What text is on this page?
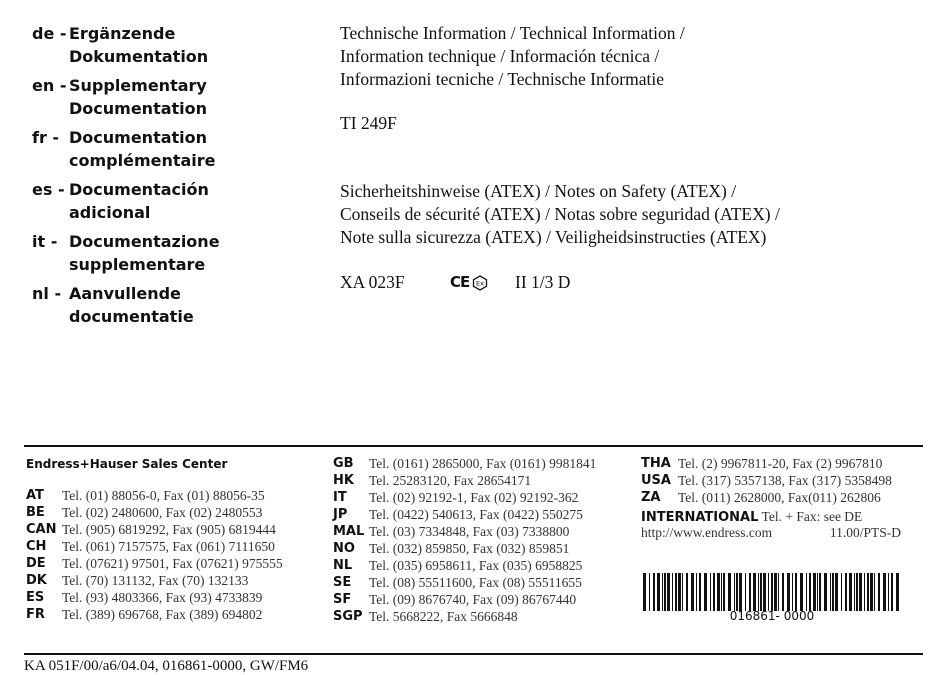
de - Ergänzende
Dokumentation
en - Supplementary
Documentation
fr - Documentation
complémentaire
es - Documentación
adicional
it - Documentazione
supplementare
nl - Aanvullende
documentatie

Technische Information / Technical Information /

Information technique / Información técnica /

Informazioni tecniche / Technische Informatie

TI 249F

Sicherheitshinweise (ATEX) / Notes on Safety (ATEX) /

Conseils de sécurité (ATEX) / Notas sobre seguridad (ATEX) /

Note sulla sicurezza (ATEX) / Veiligheidsinstructies (ATEX)

XA 023F	CE Ex II 1/3 D
Endress+Hauser Sales Center
AT	Tel. (01) 88056-0, Fax (01) 88056-35
BE	Tel. (02) 2480600, Fax (02) 2480553
CAN Tel. (905) 6819292, Fax (905) 6819444
CH	Tel. (061) 7157575, Fax (061) 7111650
DE	Tel. (07621) 97501, Fax (07621) 975555
DK	Tel. (70) 131132, Fax (70) 132133
ES	Tel. (93) 4803366, Fax (93) 4733839
FR	Tel. (389) 696768, Fax (389) 694802
GB	Tel. (0161) 2865000, Fax (0161) 9981841
HK	Tel. 25283120, Fax 28654171
IT	Tel. (02) 92192-1, Fax (02) 92192-362
JP	Tel. (0422) 540613, Fax (0422) 550275
MAL Tel. (03) 7334848, Fax (03) 7338800
NO	Tel. (032) 859850, Fax (032) 859851
NL	Tel. (035) 6958611, Fax (035) 6958825
SE	Tel. (08) 55511600, Fax (08) 55511655
SF	Tel. (09) 8676740, Fax (09) 86767440
SGP Tel. 5668222, Fax 5666848
THA Tel. (2) 9967811-20, Fax (2) 9967810
USA Tel. (317) 5357138, Fax (317) 5358498
ZA	Tel. (011) 2628000, Fax(011) 262806
INTERNATIONAL Tel. + Fax: see DE
http://www.endress.com	11.00/PTS-D
016861- 0000
KA 051F/00/a6/04.04, 016861-0000, GW/FM6
